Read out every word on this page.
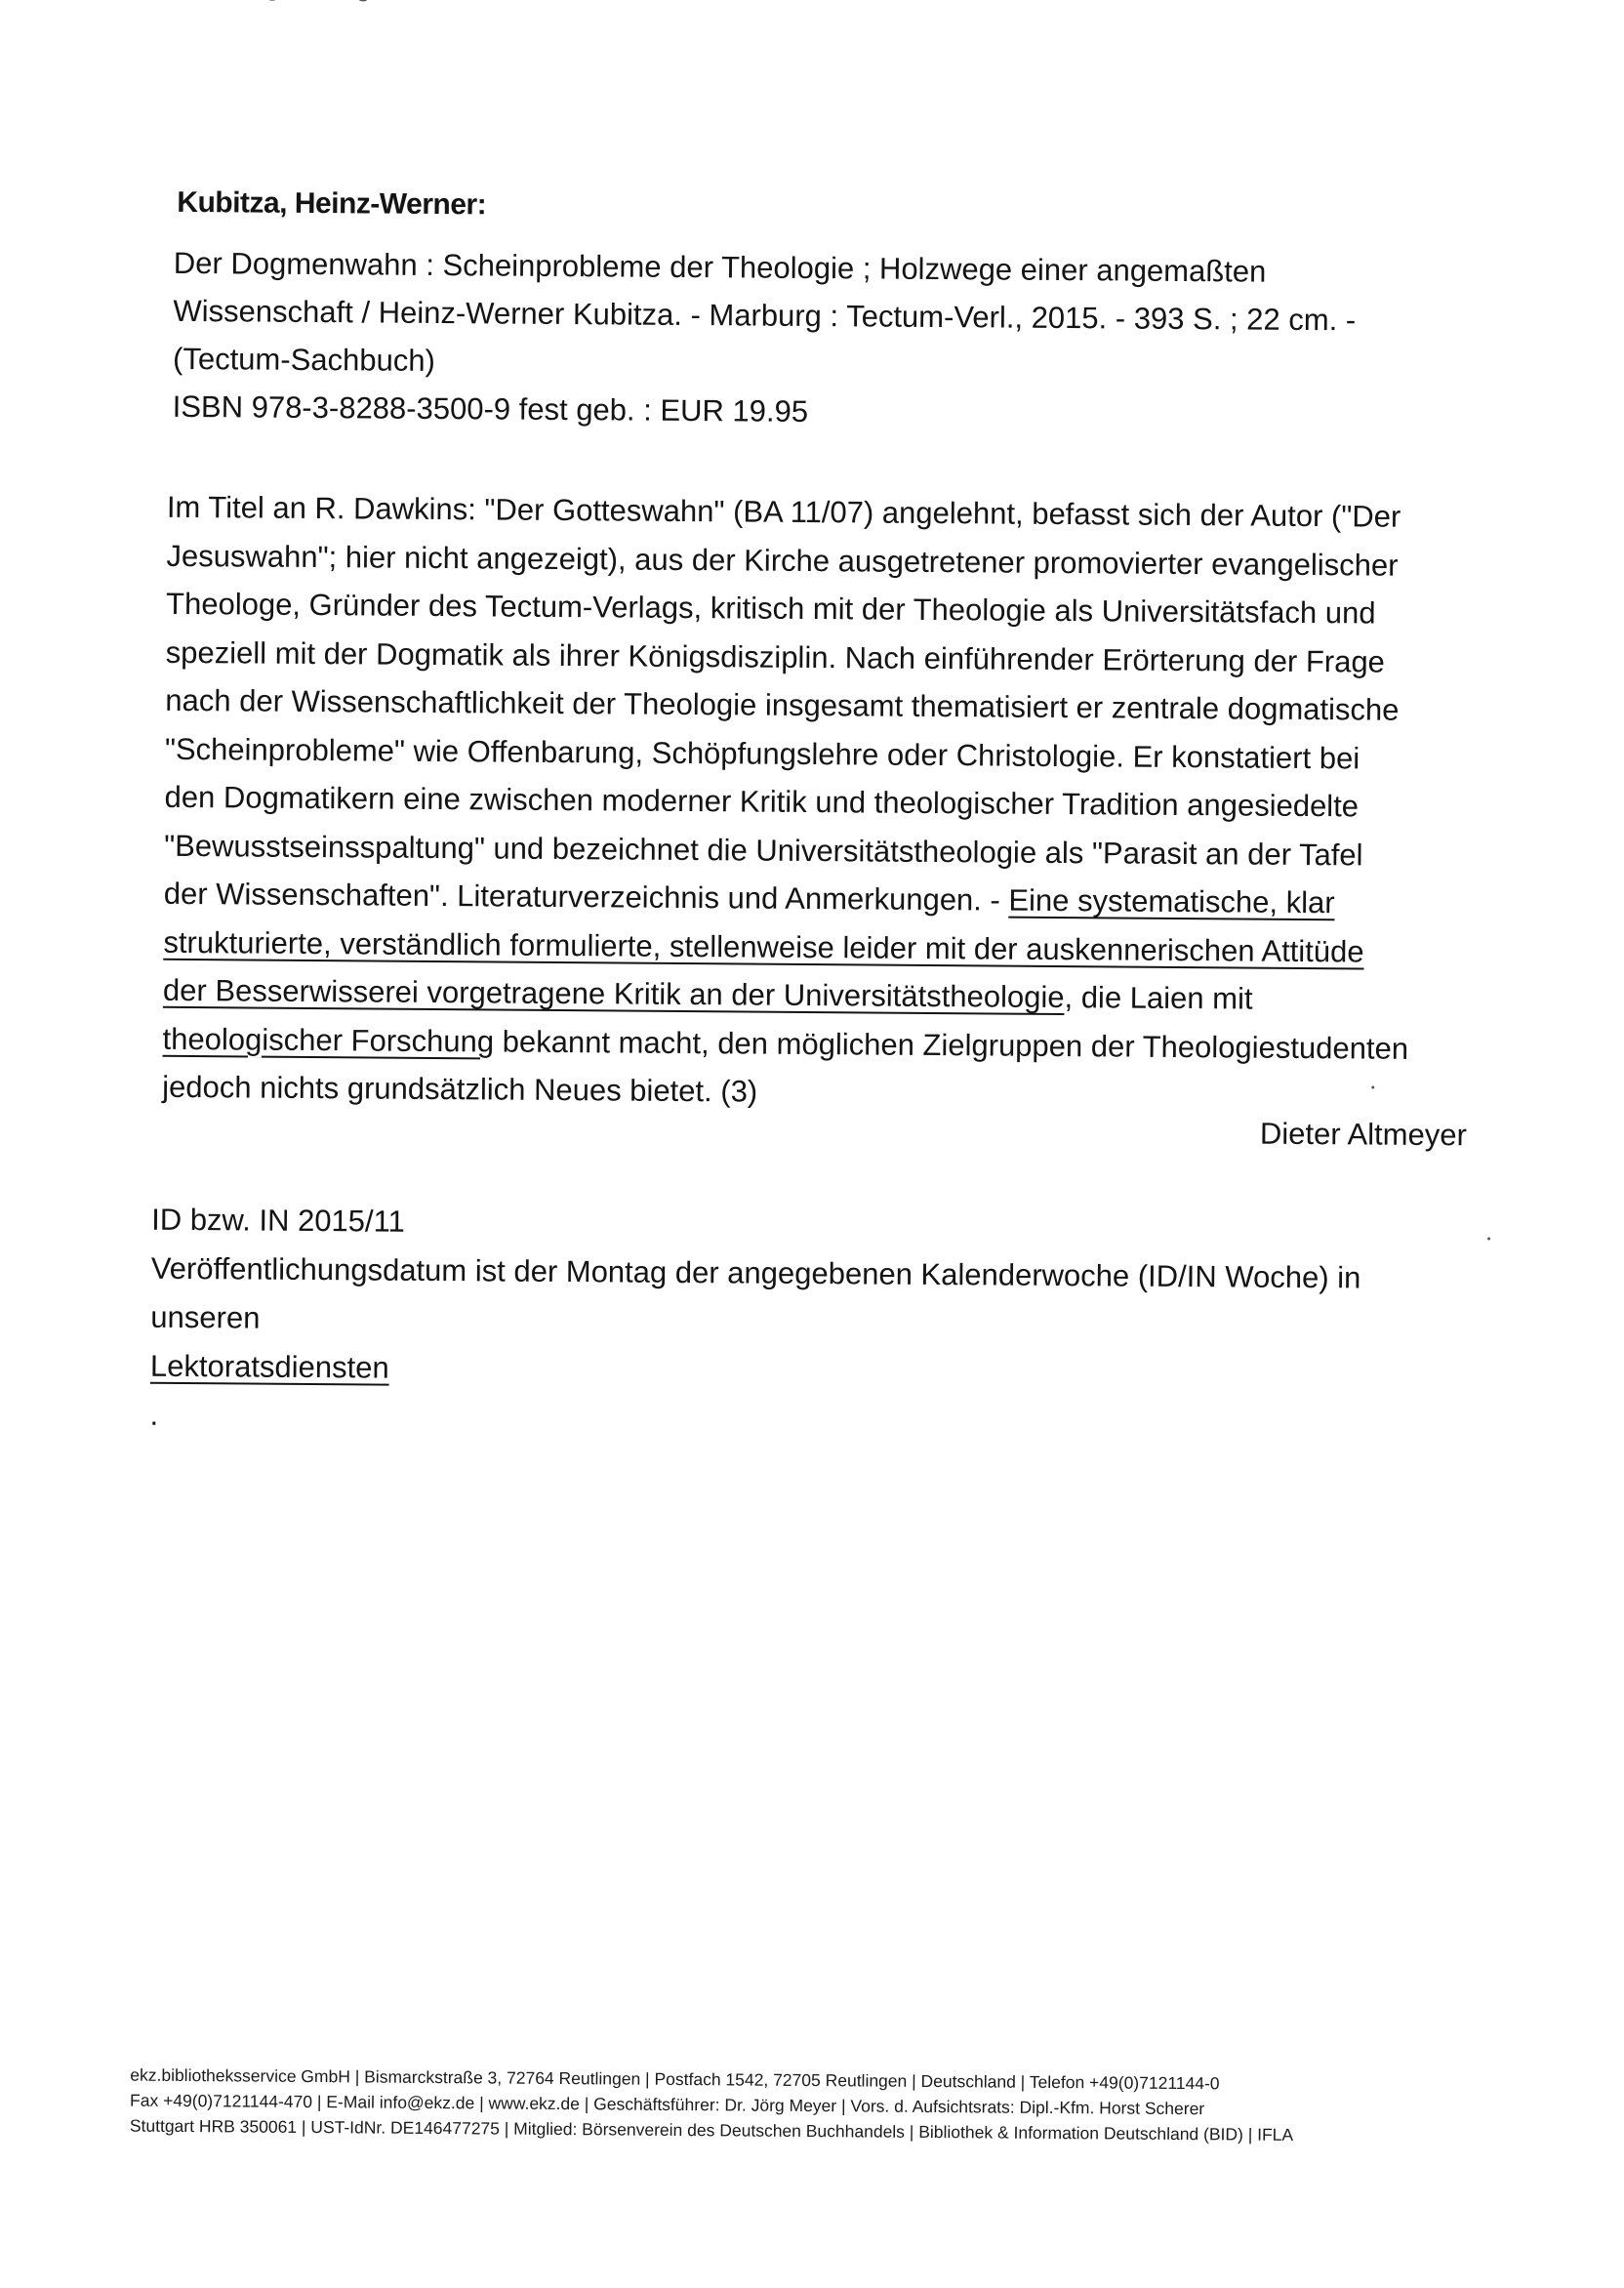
Kubitza, Heinz-Werner:
Der Dogmenwahn : Scheinprobleme der Theologie ; Holzwege einer angemaßten
Wissenschaft / Heinz-Werner Kubitza. - Marburg : Tectum-Verl., 2015. - 393 S. ; 22 cm. -
(Tectum-Sachbuch)
ISBN 978-3-8288-3500-9 fest geb. : EUR 19.95
Im Titel an R. Dawkins: "Der Gotteswahn" (BA 11/07) angelehnt, befasst sich der Autor ("Der
Jesuswahn"; hier nicht angezeigt), aus der Kirche ausgetretener promovierter evangelischer
Theologe, Gründer des Tectum-Verlags, kritisch mit der Theologie als Universitätsfach und
speziell mit der Dogmatik als ihrer Königsdisziplin. Nach einführender Erörterung der Frage
nach der Wissenschaftlichkeit der Theologie insgesamt thematisiert er zentrale dogmatische
"Scheinprobleme" wie Offenbarung, Schöpfungslehre oder Christologie. Er konstatiert bei
den Dogmatikern eine zwischen moderner Kritik und theologischer Tradition angesiedelte
"Bewusstseinsspaltung" und bezeichnet die Universitätstheologie als "Parasit an der Tafel
der Wissenschaften". Literaturverzeichnis und Anmerkungen. - Eine systematische, klar
strukturierte, verständlich formulierte, stellenweise leider mit der auskennerischen Attitüde
der Besserwisserei vorgetragene Kritik an der Universitätstheologie, die Laien mit
theologischer Forschung bekannt macht, den möglichen Zielgruppen der Theologiestudenten
jedoch nichts grundsätzlich Neues bietet. (3)
Dieter Altmeyer
ID bzw. IN 2015/11
Veröffentlichungsdatum ist der Montag der angegebenen Kalenderwoche (ID/IN Woche) in
unseren
Lektoratsdiensten
.
ekz.bibliotheksservice GmbH | Bismarckstraße 3, 72764 Reutlingen | Postfach 1542, 72705 Reutlingen | Deutschland | Telefon +49(0)7121144-0
Fax +49(0)7121144-470 | E-Mail info@ekz.de | www.ekz.de | Geschäftsführer: Dr. Jörg Meyer | Vors. d. Aufsichtsrats: Dipl.-Kfm. Horst Scherer
Stuttgart HRB 350061 | UST-IdNr. DE146477275 | Mitglied: Börsenverein des Deutschen Buchhandels | Bibliothek & Information Deutschland (BID) | IFLA
